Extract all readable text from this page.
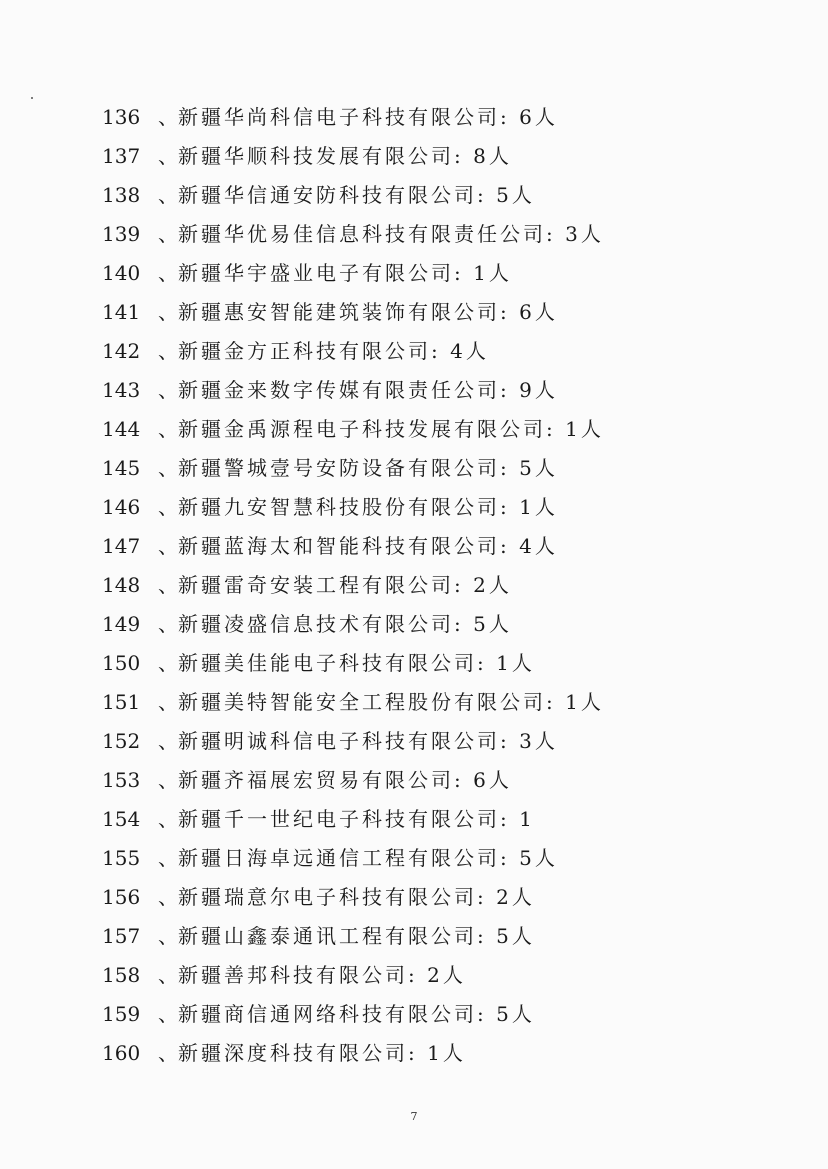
136 、 新疆华尚科信电子科技有限公司: 6人
137 、 新疆华顺科技发展有限公司: 8人
138 、 新疆华信通安防科技有限公司: 5人
139 、 新疆华优易佳信息科技有限责任公司: 3人
140 、 新疆华宇盛业电子有限公司: 1人
141 、 新疆惠安智能建筑装饰有限公司: 6人
142 、 新疆金方正科技有限公司: 4人
143 、 新疆金来数字传媒有限责任公司: 9人
144 、 新疆金禹源程电子科技发展有限公司: 1人
145 、 新疆警城壹号安防设备有限公司: 5人
146 、 新疆九安智慧科技股份有限公司: 1人
147 、 新疆蓝海太和智能科技有限公司: 4人
148 、 新疆雷奇安装工程有限公司: 2人
149 、 新疆凌盛信息技术有限公司: 5人
150 、 新疆美佳能电子科技有限公司: 1人
151 、 新疆美特智能安全工程股份有限公司: 1人
152 、 新疆明诚科信电子科技有限公司: 3人
153 、 新疆齐福展宏贸易有限公司: 6人
154 、 新疆千一世纪电子科技有限公司: 1
155 、 新疆日海卓远通信工程有限公司: 5人
156 、 新疆瑞意尔电子科技有限公司: 2人
157 、 新疆山鑫泰通讯工程有限公司: 5人
158 、 新疆善邦科技有限公司: 2人
159 、 新疆商信通网络科技有限公司: 5人
160 、 新疆深度科技有限公司: 1人
7
